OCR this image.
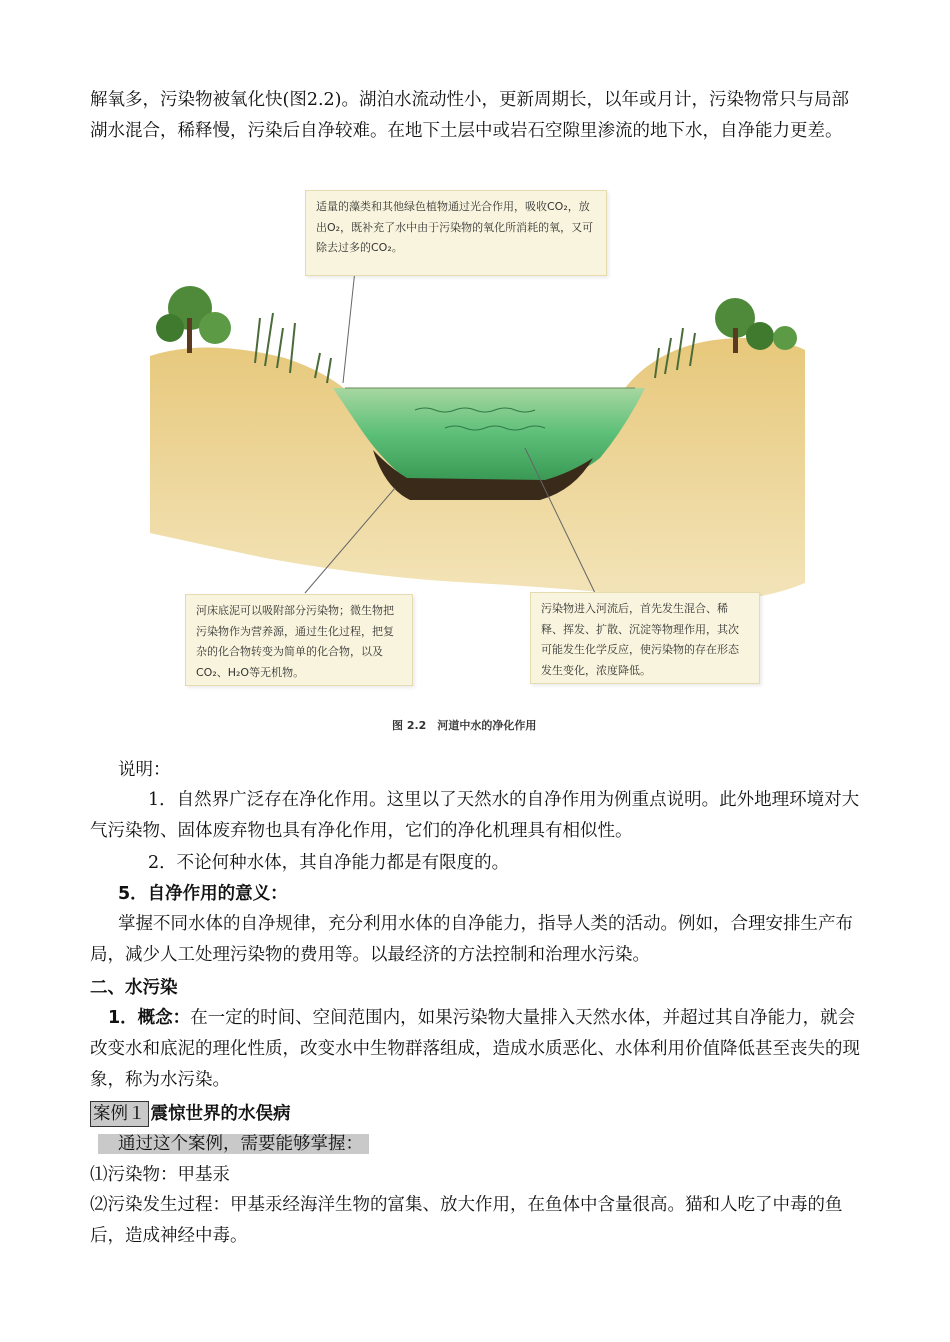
解氧多，污染物被氧化快(图2.2)。湖泊水流动性小，更新周期长，以年或月计，污染物常只与局部湖水混合，稀释慢，污染后自净较难。在地下土层中或岩石空隙里渗流的地下水，自净能力更差。

适量的藻类和其他绿色植物通过光合作用，吸收CO₂，放出O₂，既补充了水中由于污染物的氧化所消耗的氧，又可除去过多的CO₂。
河床底泥可以吸附部分污染物；微生物把污染物作为营养源，通过生化过程，把复杂的化合物转变为简单的化合物，以及CO₂、H₂O等无机物。
污染物进入河流后，首先发生混合、稀释、挥发、扩散、沉淀等物理作用，其次可能发生化学反应，使污染物的存在形态发生变化，浓度降低。
图 2.2　河道中水的净化作用
说明：

1．自然界广泛存在净化作用。这里以了天然水的自净作用为例重点说明。此外地理环境对大气污染物、固体废弃物也具有净化作用，它们的净化机理具有相似性。

2．不论何种水体，其自净能力都是有限度的。
5．自净作用的意义：

掌握不同水体的自净规律，充分利用水体的自净能力，指导人类的活动。例如，合理安排生产布局，减少人工处理污染物的费用等。以最经济的方法控制和治理水污染。

二、水污染

1．概念：在一定的时间、空间范围内，如果污染物大量排入天然水体，并超过其自净能力，就会改变水和底泥的理化性质，改变水中生物群落组成，造成水质恶化、水体利用价值降低甚至丧失的现象，称为水污染。

案例１ 震惊世界的水俣病
通过这个案例，需要能够掌握：
⑴污染物：甲基汞

⑵污染发生过程：甲基汞经海洋生物的富集、放大作用，在鱼体中含量很高。猫和人吃了中毒的鱼后，造成神经中毒。
